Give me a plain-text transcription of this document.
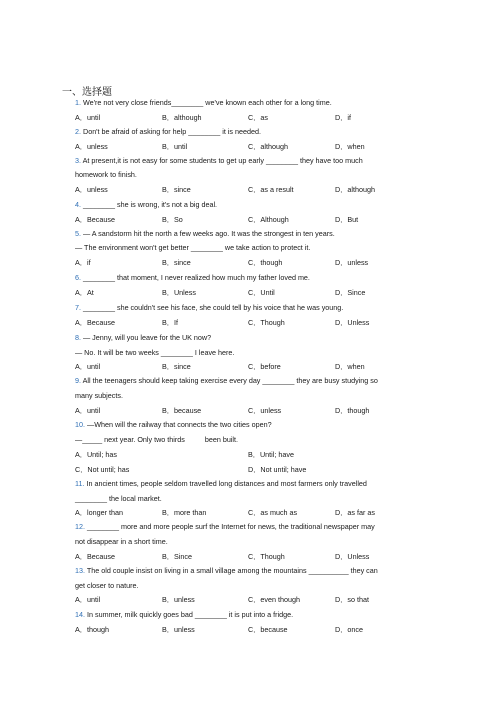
一、选择题
1. We're not very close friends________ we've known each other for a long time.
A．until	B．although	C．as	D．if
2. Don't be afraid of asking for help ________ it is needed.
A．unless	B．until	C．although	D．when
3. At present,it is not easy for some students to get up early ________ they have too much
homework to finish.
A．unless	B．since	C．as a result	D．although
4. ________ she is wrong, it's not a big deal.
A．Because	B．So	C．Although	D．But
5. — A sandstorm hit the north a few weeks ago. It was the strongest in ten years.
— The environment won't get better ________ we take action to protect it.
A．if	B．since	C．though	D．unless
6. ________ that moment, I never realized how much my father loved me.
A．At	B．Unless	C．Until	D．Since
7. ________ she couldn't see his face, she could tell by his voice that he was young.
A．Because	B．If	C．Though	D．Unless
8. — Jenny, will you leave for the UK now?
— No. It will be two weeks ________ I leave here.
A．until	B．since	C．before	D．when
9. All the teenagers should keep taking exercise every day ________ they are busy studying so
many subjects.
A．until	B．because	C．unless	D．though
10. —When will the railway that connects the two cities open?
—_____ next year. Only two thirds          been built.
A．Until; has	B．Until; have
C．Not until; has	D．Not until; have
11. In ancient times, people seldom travelled long distances and most farmers only travelled
________ the local market.
A．longer than	B．more than	C．as much as	D．as far as
12. ________ more and more people surf the Internet for news, the traditional newspaper may
not disappear in a short time.
A．Because	B．Since	C．Though	D．Unless
13. The old couple insist on living in a small village among the mountains __________ they can
get closer to nature.
A．until	B．unless	C．even though	D．so that
14. In summer, milk quickly goes bad ________ it is put into a fridge.
A．though	B．unless	C．because	D．once
